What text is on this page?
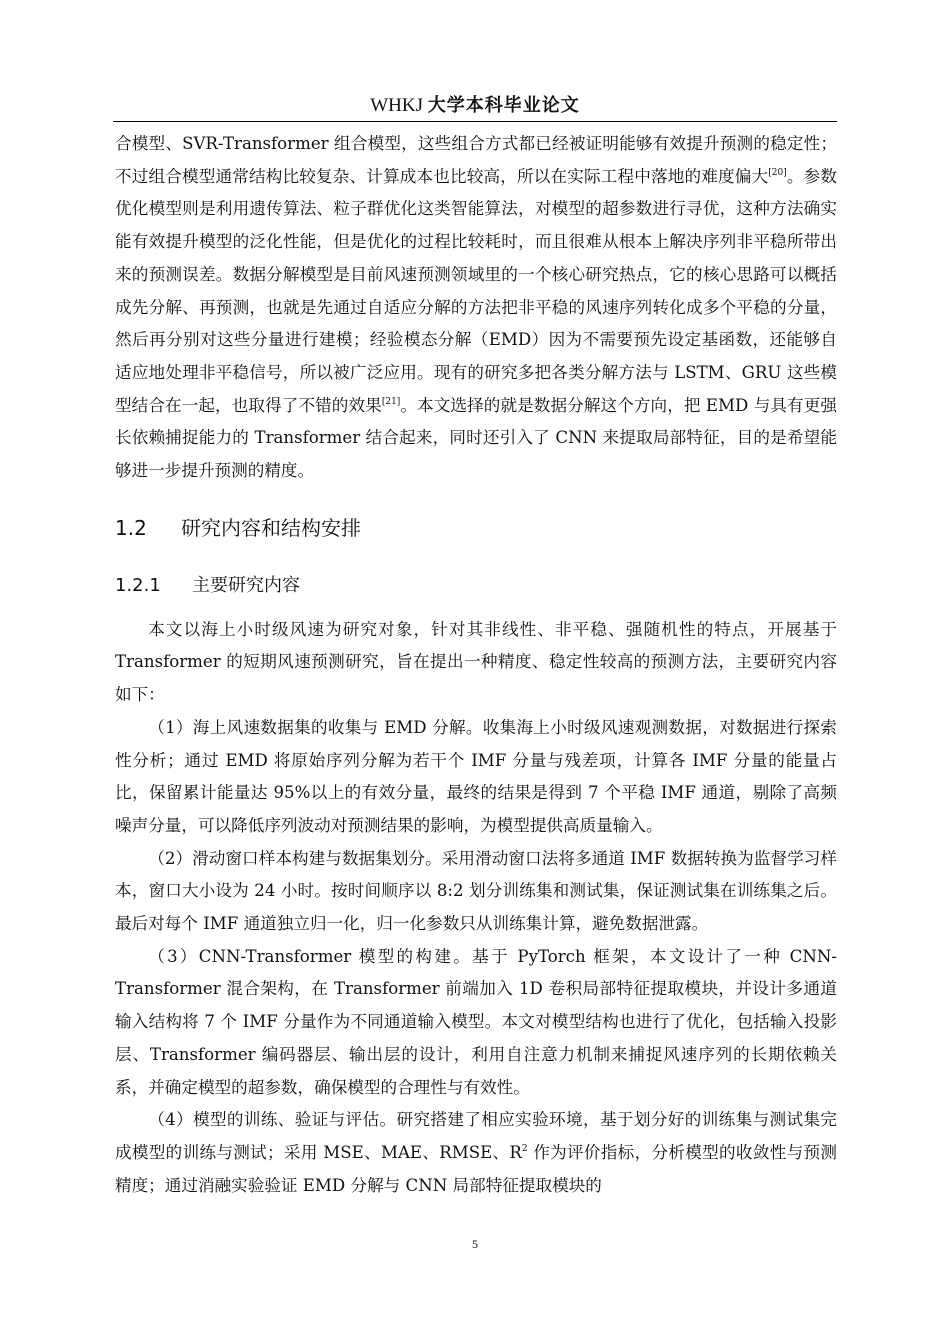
WHKJ 大学本科毕业论文

合模型、SVR-Transformer 组合模型，这些组合方式都已经被证明能够有效提升预测的稳定性；不过组合模型通常结构比较复杂、计算成本也比较高，所以在实际工程中落地的难度偏大[20]。参数优化模型则是利用遗传算法、粒子群优化这类智能算法，对模型的超参数进行寻优，这种方法确实能有效提升模型的泛化性能，但是优化的过程比较耗时，而且很难从根本上解决序列非平稳所带出来的预测误差。数据分解模型是目前风速预测领域里的一个核心研究热点，它的核心思路可以概括成先分解、再预测，也就是先通过自适应分解的方法把非平稳的风速序列转化成多个平稳的分量，然后再分别对这些分量进行建模；经验模态分解（EMD）因为不需要预先设定基函数，还能够自适应地处理非平稳信号，所以被广泛应用。现有的研究多把各类分解方法与 LSTM、GRU 这些模型结合在一起，也取得了不错的效果[21]。本文选择的就是数据分解这个方向，把 EMD 与具有更强长依赖捕捉能力的 Transformer 结合起来，同时还引入了 CNN 来提取局部特征，目的是希望能够进一步提升预测的精度。

1.2 研究内容和结构安排
1.2.1 主要研究内容

本文以海上小时级风速为研究对象，针对其非线性、非平稳、强随机性的特点，开展基于 Transformer 的短期风速预测研究，旨在提出一种精度、稳定性较高的预测方法，主要研究内容如下：

（1）海上风速数据集的收集与 EMD 分解。收集海上小时级风速观测数据，对数据进行探索性分析；通过 EMD 将原始序列分解为若干个 IMF 分量与残差项，计算各 IMF 分量的能量占比，保留累计能量达 95%以上的有效分量，最终的结果是得到 7 个平稳 IMF 通道，剔除了高频噪声分量，可以降低序列波动对预测结果的影响，为模型提供高质量输入。

（2）滑动窗口样本构建与数据集划分。采用滑动窗口法将多通道 IMF 数据转换为监督学习样本，窗口大小设为 24 小时。按时间顺序以 8:2 划分训练集和测试集，保证测试集在训练集之后。最后对每个 IMF 通道独立归一化，归一化参数只从训练集计算，避免数据泄露。

（3）CNN-Transformer 模型的构建。基于 PyTorch 框架，本文设计了一种 CNN-Transformer 混合架构，在 Transformer 前端加入 1D 卷积局部特征提取模块，并设计多通道输入结构将 7 个 IMF 分量作为不同通道输入模型。本文对模型结构也进行了优化，包括输入投影层、Transformer 编码器层、输出层的设计，利用自注意力机制来捕捉风速序列的长期依赖关系，并确定模型的超参数，确保模型的合理性与有效性。

（4）模型的训练、验证与评估。研究搭建了相应实验环境，基于划分好的训练集与测试集完成模型的训练与测试；采用 MSE、MAE、RMSE、$R^2$ 作为评价指标，分析模型的收敛性与预测精度；通过消融实验验证 EMD 分解与 CNN 局部特征提取模块的

5
